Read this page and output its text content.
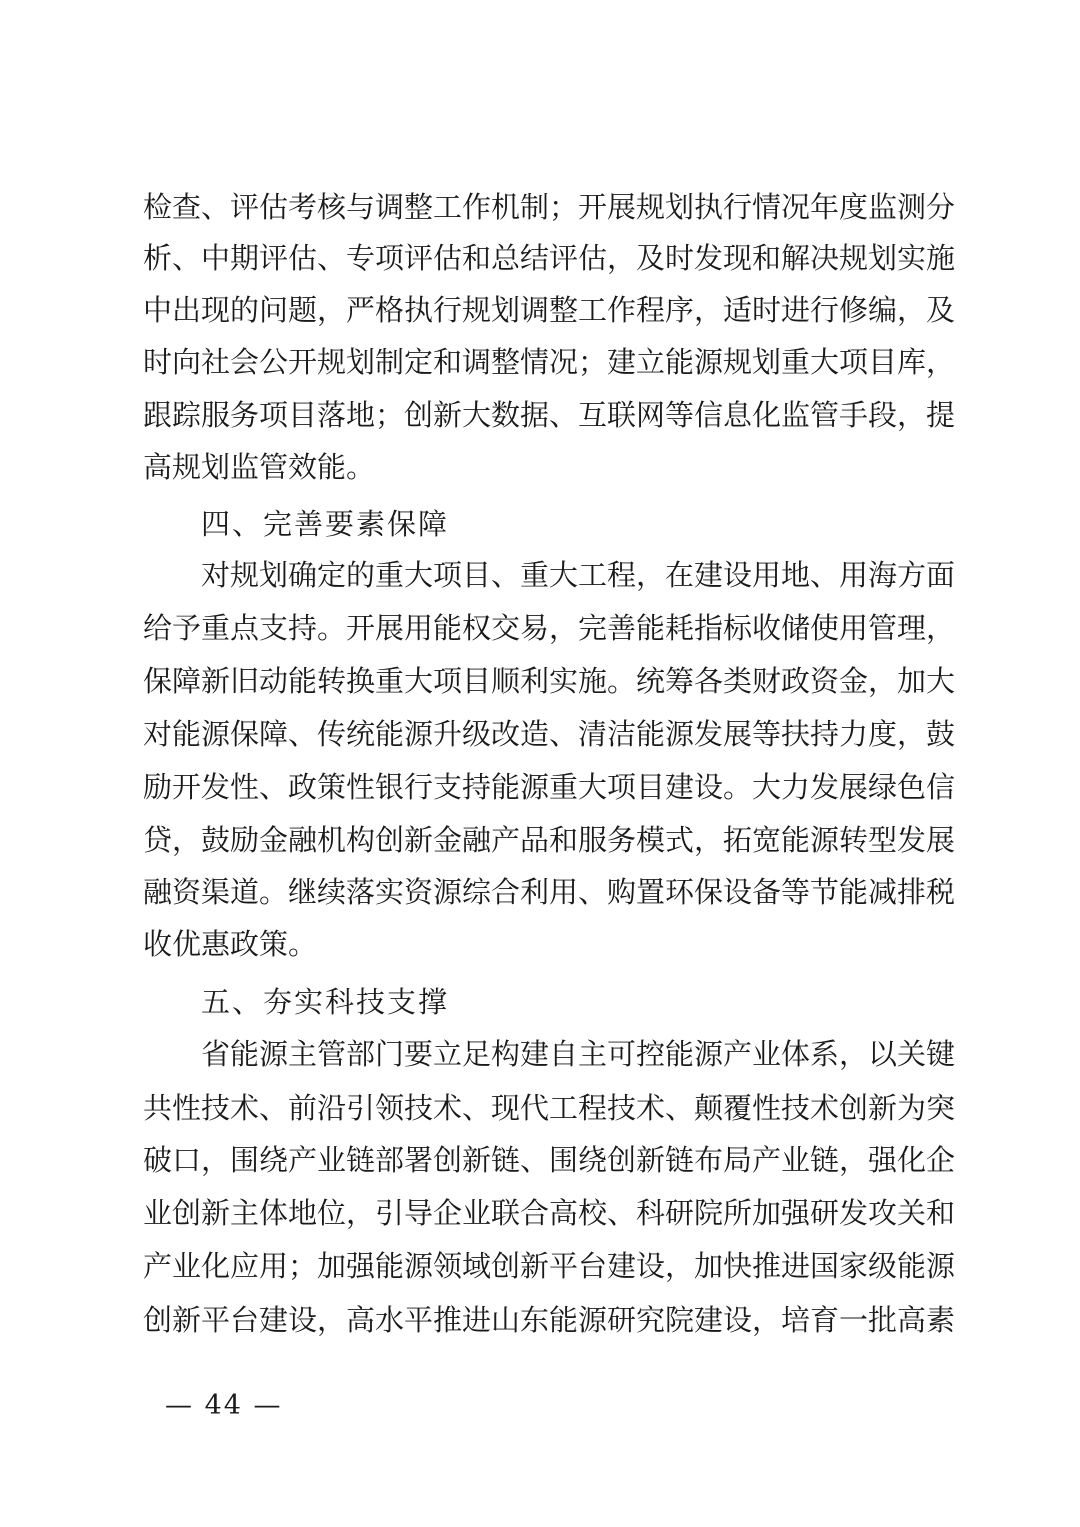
检查、评估考核与调整工作机制；开展规划执行情况年度监测分
析、中期评估、专项评估和总结评估，及时发现和解决规划实施
中出现的问题，严格执行规划调整工作程序，适时进行修编，及
时向社会公开规划制定和调整情况；建立能源规划重大项目库，
跟踪服务项目落地；创新大数据、互联网等信息化监管手段，提
高规划监管效能。
四、完善要素保障
对规划确定的重大项目、重大工程，在建设用地、用海方面
给予重点支持。开展用能权交易，完善能耗指标收储使用管理，
保障新旧动能转换重大项目顺利实施。统筹各类财政资金，加大
对能源保障、传统能源升级改造、清洁能源发展等扶持力度，鼓
励开发性、政策性银行支持能源重大项目建设。大力发展绿色信
贷，鼓励金融机构创新金融产品和服务模式，拓宽能源转型发展
融资渠道。继续落实资源综合利用、购置环保设备等节能减排税
收优惠政策。
五、夯实科技支撑
省能源主管部门要立足构建自主可控能源产业体系，以关键
共性技术、前沿引领技术、现代工程技术、颠覆性技术创新为突
破口，围绕产业链部署创新链、围绕创新链布局产业链，强化企
业创新主体地位，引导企业联合高校、科研院所加强研发攻关和
产业化应用；加强能源领域创新平台建设，加快推进国家级能源
创新平台建设，高水平推进山东能源研究院建设，培育一批高素
— 44 —
